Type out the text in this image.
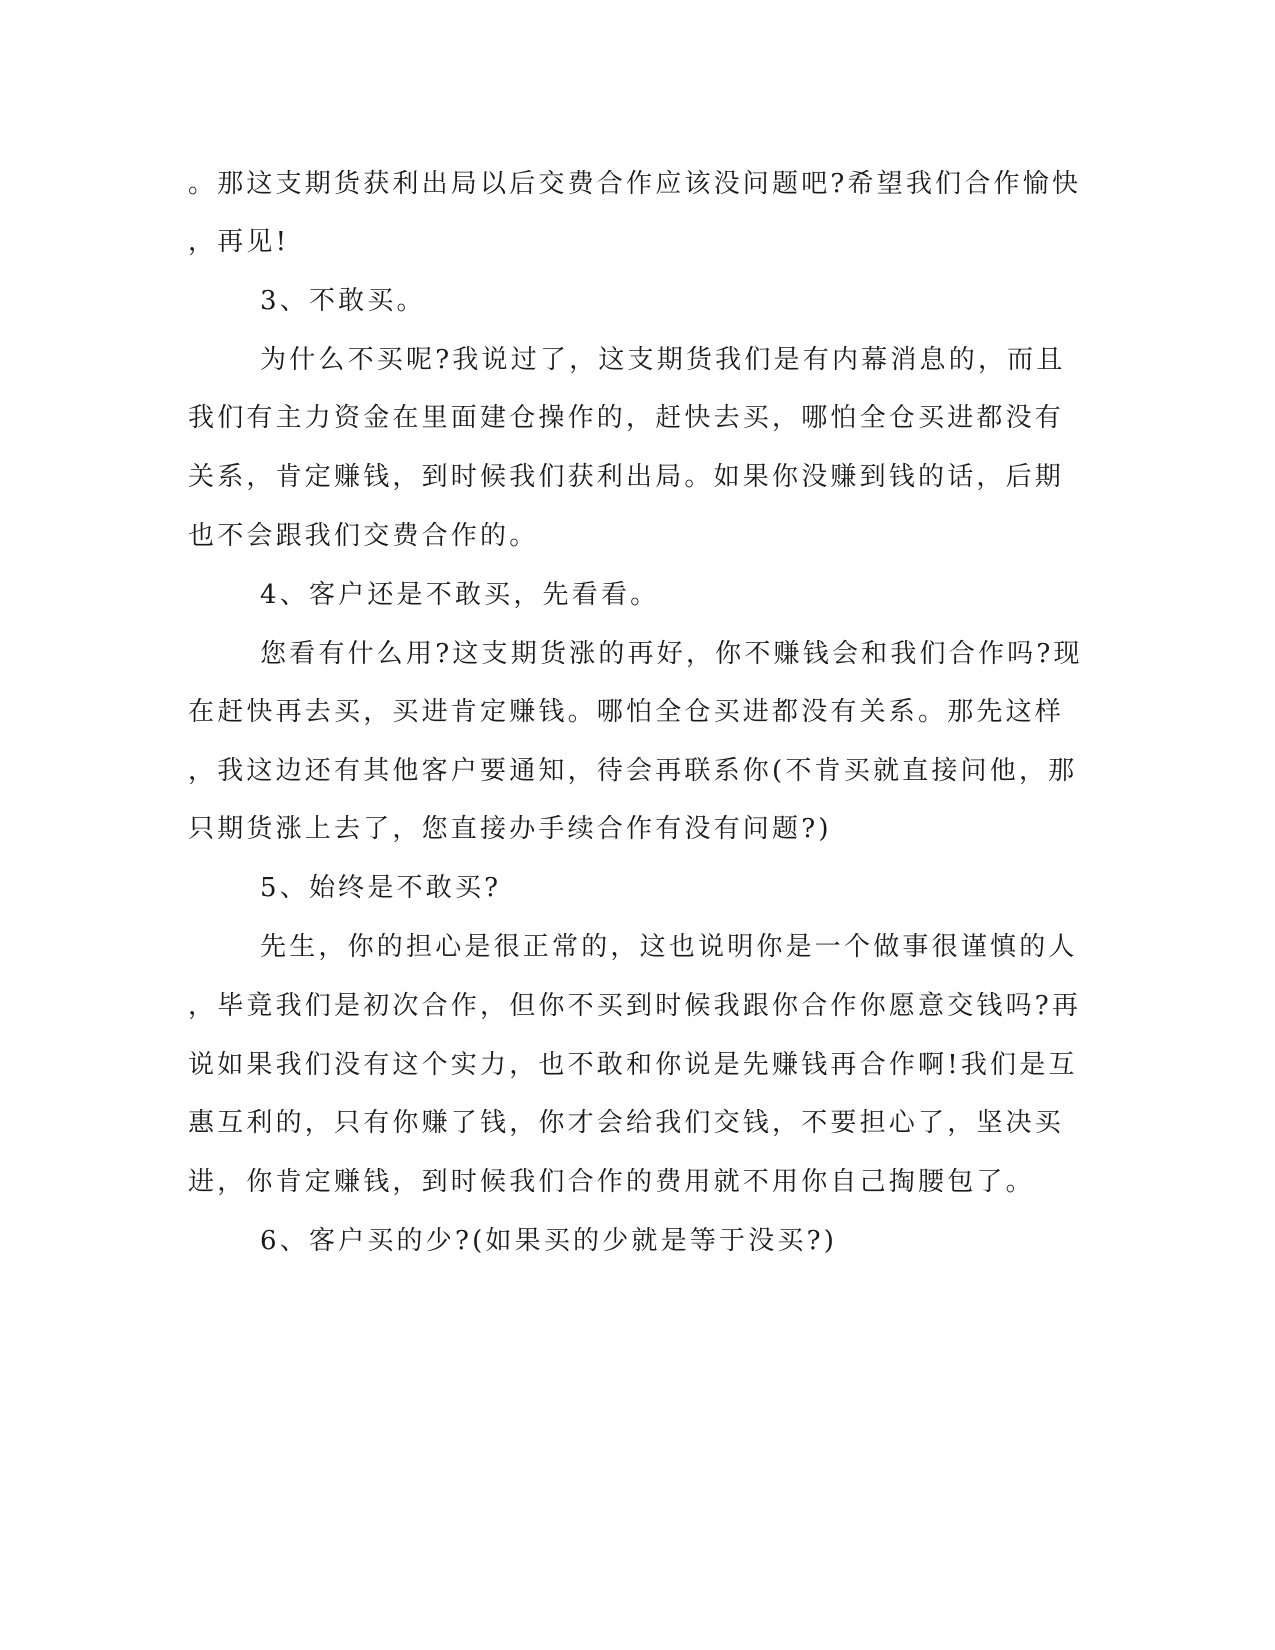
。那这支期货获利出局以后交费合作应该没问题吧?希望我们合作愉快
，再见!
3、不敢买。
为什么不买呢?我说过了，这支期货我们是有内幕消息的，而且
我们有主力资金在里面建仓操作的，赶快去买，哪怕全仓买进都没有
关系，肯定赚钱，到时候我们获利出局。如果你没赚到钱的话，后期
也不会跟我们交费合作的。
4、客户还是不敢买，先看看。
您看有什么用?这支期货涨的再好，你不赚钱会和我们合作吗?现
在赶快再去买，买进肯定赚钱。哪怕全仓买进都没有关系。那先这样
，我这边还有其他客户要通知，待会再联系你(不肯买就直接问他，那
只期货涨上去了，您直接办手续合作有没有问题?)
5、始终是不敢买?
先生，你的担心是很正常的，这也说明你是一个做事很谨慎的人
，毕竟我们是初次合作，但你不买到时候我跟你合作你愿意交钱吗?再
说如果我们没有这个实力，也不敢和你说是先赚钱再合作啊!我们是互
惠互利的，只有你赚了钱，你才会给我们交钱，不要担心了，坚决买
进，你肯定赚钱，到时候我们合作的费用就不用你自己掏腰包了。
6、客户买的少?(如果买的少就是等于没买?)
